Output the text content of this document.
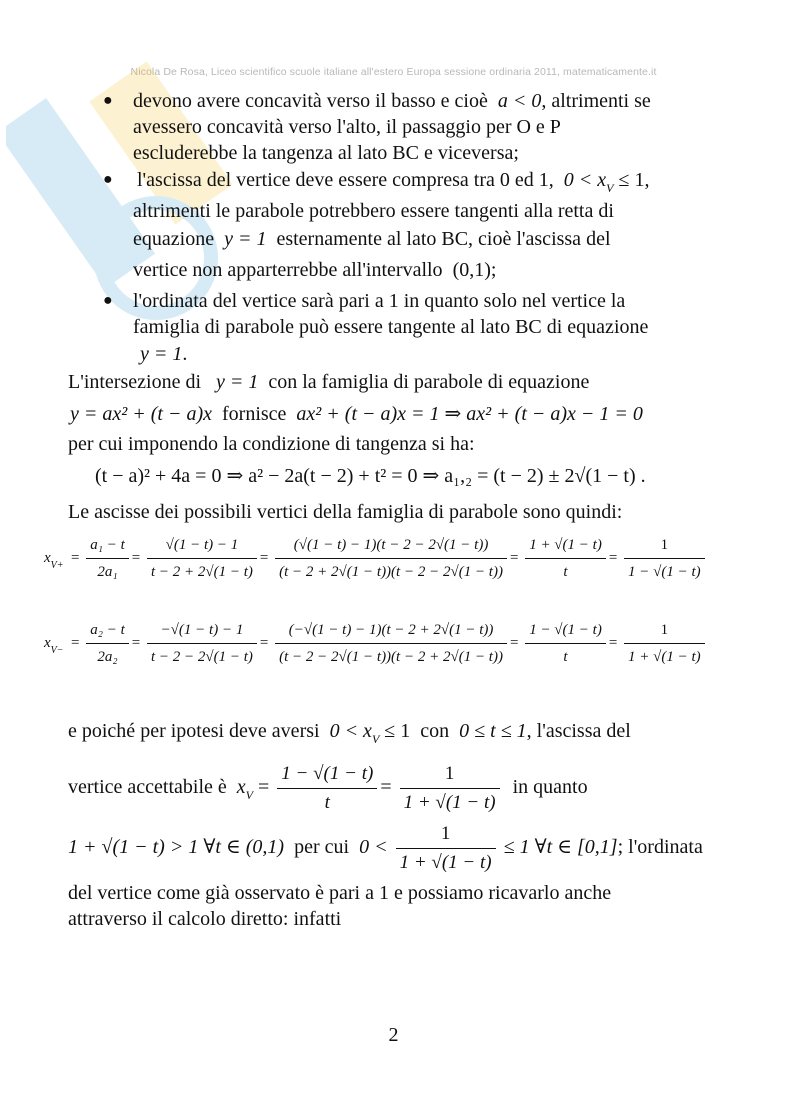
Nicola De Rosa, Liceo scientifico scuole italiane all'estero Europa sessione ordinaria 2011, matematicamente.it
● devono avere concavità verso il basso e cioè a < 0, altrimenti se
avessero concavità verso l'alto, il passaggio per O e P
escluderebbe la tangenza al lato BC e viceversa;
● l'ascissa del vertice deve essere compresa tra 0 ed 1, $0 < x_V \le 1$,
altrimenti le parabole potrebbero essere tangenti alla retta di
equazione y = 1 esternamente al lato BC, cioè l'ascissa del
vertice non apparterrebbe all'intervallo (0,1);
● l'ordinata del vertice sarà pari a 1 in quanto solo nel vertice la
famiglia di parabole può essere tangente al lato BC di equazione
y = 1.
L'intersezione di y = 1 con la famiglia di parabole di equazione
y = ax² + (t − a)x fornisce ax² + (t − a)x = 1 ⇒ ax² + (t − a)x − 1 = 0
per cui imponendo la condizione di tangenza si ha:
(t − a)² + 4a = 0 ⇒ a² − 2a(t − 2) + t² = 0 ⇒ a₁,₂ = (t − 2) ± 2√(1 − t) .
Le ascisse dei possibili vertici della famiglia di parabole sono quindi:
$x_{V+} = \frac{\text{a₁ − t}}{\text{2a₁}} = \frac{√(1 - t) - 1}{t - 2 + 2√(1 - t)} = \frac{(√(1 - t) - 1)(t - 2 - 2√(1 - t))}{(t - 2 + 2√(1 - t))(t - 2 - 2√(1 - t))} = \frac{1 + √(1 - t)}{t} = \frac{1}{1 - √(1 - t)}$
$x_{V-} = \frac{\text{a₂ − t}}{\text{2a₂}} = \frac{-√(1 - t) - 1}{t - 2 - 2√(1 - t)} = \frac{(-√(1 - t) - 1)(t - 2 + 2√(1 - t))}{(t - 2 - 2√(1 - t))(t - 2 + 2√(1 - t))} = \frac{1 - √(1 - t)}{t} = \frac{1}{1 + √(1 - t)}$
e poiché per ipotesi deve aversi $0 < x_V \le 1$ con 0 ≤ t ≤ 1, l'ascissa del
vertice accettabile è $x_V = \frac{1 - √(1 - t)}{t} = \frac{1}{1 + √(1 - t)}$ in quanto
1 + √(1 − t) > 1 ∀t ∈ (0,1) per cui $0 < \frac{1}{1 + √(1 - t)} \le 1$ ∀t ∈ [0,1]; l'ordinata
del vertice come già osservato è pari a 1 e possiamo ricavarlo anche
attraverso il calcolo diretto: infatti
2
